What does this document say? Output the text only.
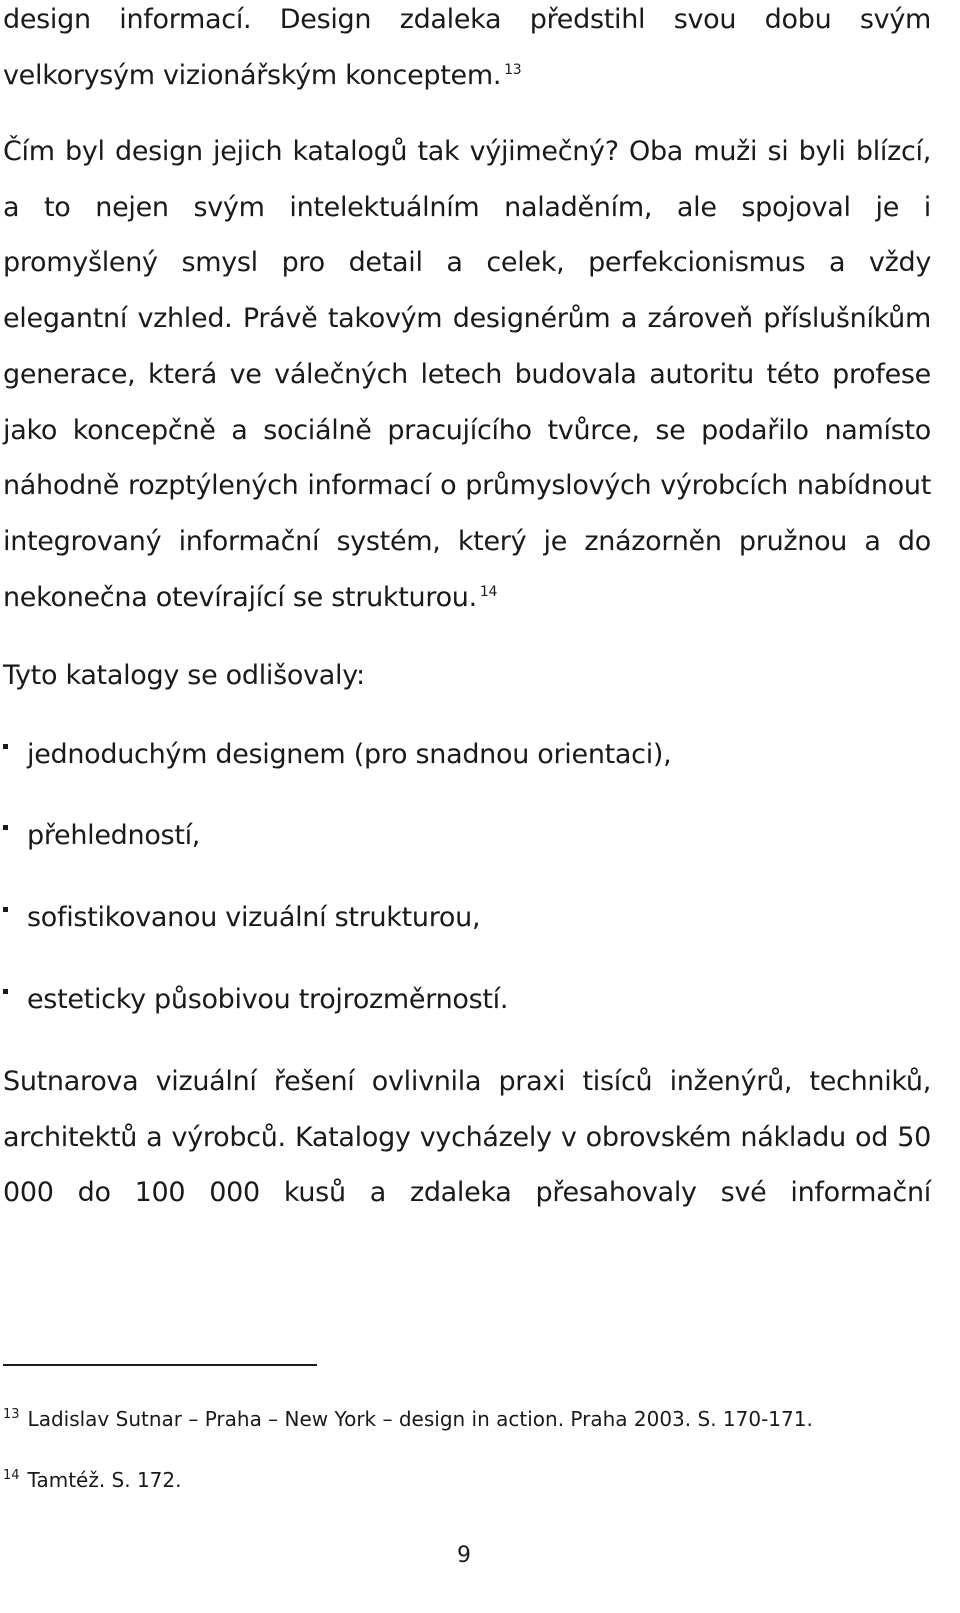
design informací. Design zdaleka předstihl svou dobu svým velkorysým vizionářským konceptem. $^{13}$
Čím byl design jejich katalogů tak výjimečný? Oba muži si byli blízcí, a to nejen svým intelektuálním naladěním, ale spojoval je i promyšlený smysl pro detail a celek, perfekcionismus a vždy elegantní vzhled. Právě takovým designérům a zároveň příslušníkům generace, která ve válečných letech budovala autoritu této profese jako koncepčně a sociálně pracujícího tvůrce, se podařilo namísto náhodně rozptýlených informací o průmyslových výrobcích nabídnout integrovaný informační systém, který je znázorněn pružnou a do nekonečna otevírající se strukturou. $^{14}$
Tyto katalogy se odlišovaly:
jednoduchým designem (pro snadnou orientaci),
přehledností,
sofistikovanou vizuální strukturou,
esteticky působivou trojrozměrností.
Sutnarova vizuální řešení ovlivnila praxi tisíců inženýrů, techniků, architektů a výrobců. Katalogy vycházely v obrovském nákladu od 50 000 do 100 000 kusů a zdaleka přesahovaly své informační
$^{13}$ Ladislav Sutnar – Praha – New York – design in action. Praha 2003. S. 170-171.
$^{14}$ Tamtéž. S. 172.
9
